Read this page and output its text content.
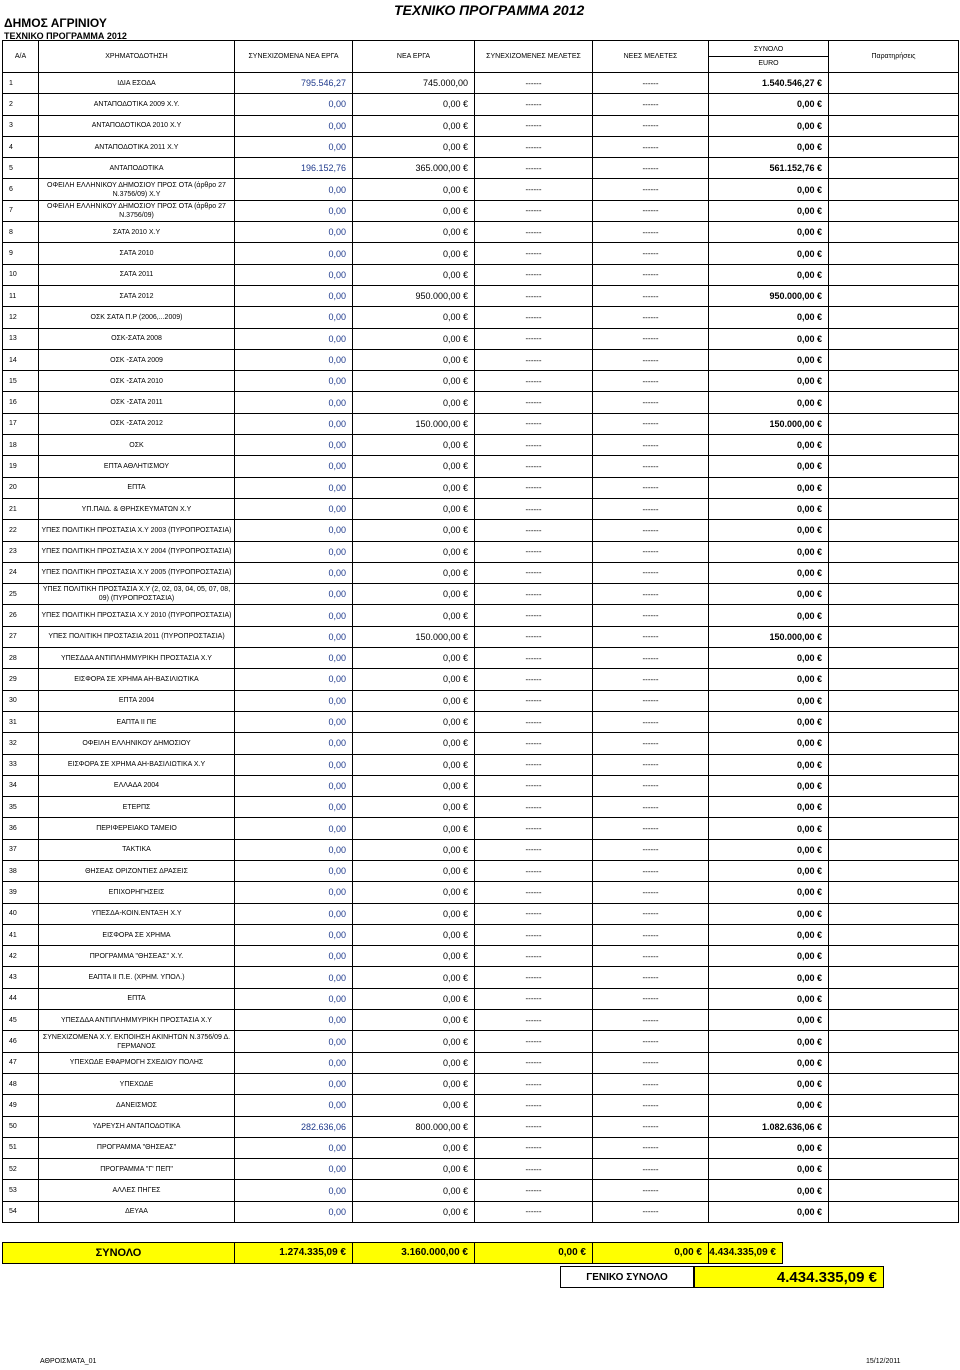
ΔΗΜΟΣ ΑΓΡΙΝΙΟΥ
ΤΕΧΝΙΚΟ ΠΡΟΓΡΑΜΜΑ 2012
ΤΕΧΝΙΚΟ ΠΡΟΓΡΑΜΜΑ 2012
Α/Α	ΧΡΗΜΑΤΟΔΟΤΗΣΗ	ΣΥΝΕΧΙΖΟΜΕΝΑ ΝΕΑ ΕΡΓΑ	ΝΕΑ ΕΡΓΑ	ΣΥΝΕΧΙΖΟΜΕΝΕΣ ΜΕΛΕΤΕΣ	ΝΕΕΣ ΜΕΛΕΤΕΣ	ΣΥΝΟΛΟ
EURO	Παρατηρήσεις
1	ΙΔΙΑ ΕΣΟΔΑ	795.546,27	745.000,00	------	------	1.540.546,27 €	
2	ΑΝΤΑΠΟΔΟΤΙΚΑ 2009 Χ.Υ.	0,00	0,00 €	------	------	0,00 €	
3	ΑΝΤΑΠΟΔΟΤΙΚΟΑ 2010 Χ.Υ	0,00	0,00 €	------	------	0,00 €	
4	ΑΝΤΑΠΟΔΟΤΙΚΑ 2011 Χ.Υ	0,00	0,00 €	------	------	0,00 €	
5	ΑΝΤΑΠΟΔΟΤΙΚΑ	196.152,76	365.000,00 €	------	------	561.152,76 €	
6	ΟΦΕΙΛΗ ΕΛΛΗΝΙΚΟΥ ΔΗΜΟΣΙΟΥ ΠΡΟΣ ΟΤΑ (άρθρο 27 Ν.3756/09) Χ.Υ	0,00	0,00 €	------	------	0,00 €	
7	ΟΦΕΙΛΗ ΕΛΛΗΝΙΚΟΥ ΔΗΜΟΣΙΟΥ ΠΡΟΣ ΟΤΑ (άρθρο 27 Ν.3756/09)	0,00	0,00 €	------	------	0,00 €	
8	ΣΑΤΑ 2010 Χ.Υ	0,00	0,00 €	------	------	0,00 €	
9	ΣΑΤΑ 2010	0,00	0,00 €	------	------	0,00 €	
10	ΣΑΤΑ 2011	0,00	0,00 €	------	------	0,00 €	
11	ΣΑΤΑ 2012	0,00	950.000,00 €	------	------	950.000,00 €	
12	ΟΣΚ ΣΑΤΑ Π.Ρ (2006,...2009)	0,00	0,00 €	------	------	0,00 €	
13	ΟΣΚ-ΣΑΤΑ 2008	0,00	0,00 €	------	------	0,00 €	
14	ΟΣΚ -ΣΑΤΑ 2009	0,00	0,00 €	------	------	0,00 €	
15	ΟΣΚ -ΣΑΤΑ 2010	0,00	0,00 €	------	------	0,00 €	
16	ΟΣΚ -ΣΑΤΑ 2011	0,00	0,00 €	------	------	0,00 €	
17	ΟΣΚ -ΣΑΤΑ 2012	0,00	150.000,00 €	------	------	150.000,00 €	
18	ΟΣΚ	0,00	0,00 €	------	------	0,00 €	
19	ΕΠΤΑ ΑΘΛΗΤΙΣΜΟΥ	0,00	0,00 €	------	------	0,00 €	
20	ΕΠΤΑ	0,00	0,00 €	------	------	0,00 €	
21	ΥΠ.ΠΑΙΔ. & ΘΡΗΣΚΕΥΜΑΤΩΝ Χ.Υ	0,00	0,00 €	------	------	0,00 €	
22	ΥΠΕΣ ΠΟΛΙΤΙΚΗ ΠΡΟΣΤΑΣΙΑ Χ.Υ 2003 (ΠΥΡΟΠΡΟΣΤΑΣΙΑ)	0,00	0,00 €	------	------	0,00 €	
23	ΥΠΕΣ ΠΟΛΙΤΙΚΗ ΠΡΟΣΤΑΣΙΑ Χ.Υ 2004 (ΠΥΡΟΠΡΟΣΤΑΣΙΑ)	0,00	0,00 €	------	------	0,00 €	
24	ΥΠΕΣ ΠΟΛΙΤΙΚΗ ΠΡΟΣΤΑΣΙΑ Χ.Υ 2005 (ΠΥΡΟΠΡΟΣΤΑΣΙΑ)	0,00	0,00 €	------	------	0,00 €	
25	ΥΠΕΣ ΠΟΛΙΤΙΚΗ ΠΡΟΣΤΑΣΙΑ Χ.Υ (2, 02, 03, 04, 05, 07, 08, 09) (ΠΥΡΟΠΡΟΣΤΑΣΙΑ)	0,00	0,00 €	------	------	0,00 €	
26	ΥΠΕΣ ΠΟΛΙΤΙΚΗ ΠΡΟΣΤΑΣΙΑ Χ.Υ 2010 (ΠΥΡΟΠΡΟΣΤΑΣΙΑ)	0,00	0,00 €	------	------	0,00 €	
27	ΥΠΕΣ ΠΟΛΙΤΙΚΗ ΠΡΟΣΤΑΣΙΑ 2011 (ΠΥΡΟΠΡΟΣΤΑΣΙΑ)	0,00	150.000,00 €	------	------	150.000,00 €	
28	ΥΠΕΣΔΔΑ ΑΝΤΙΠΛΗΜΜΥΡΙΚΗ ΠΡΟΣΤΑΣΙΑ Χ.Υ	0,00	0,00 €	------	------	0,00 €	
29	ΕΙΣΦΟΡΑ ΣΕ ΧΡΗΜΑ ΑΗ-ΒΑΣΙΛΙΩΤΙΚΑ	0,00	0,00 €	------	------	0,00 €	
30	ΕΠΤΑ 2004	0,00	0,00 €	------	------	0,00 €	
31	ΕΑΠΤΑ ΙΙ ΠΕ	0,00	0,00 €	------	------	0,00 €	
32	ΟΦΕΙΛΗ ΕΛΛΗΝΙΚΟΥ ΔΗΜΟΣΙΟΥ	0,00	0,00 €	------	------	0,00 €	
33	ΕΙΣΦΟΡΑ ΣΕ ΧΡΗΜΑ ΑΗ-ΒΑΣΙΛΙΩΤΙΚΑ Χ.Υ	0,00	0,00 €	------	------	0,00 €	
34	ΕΛΛΑΔΑ 2004	0,00	0,00 €	------	------	0,00 €	
35	ΕΤΕΡΠΣ	0,00	0,00 €	------	------	0,00 €	
36	ΠΕΡΙΦΕΡΕΙΑΚΟ ΤΑΜΕΙΟ	0,00	0,00 €	------	------	0,00 €	
37	ΤΑΚΤΙΚΑ	0,00	0,00 €	------	------	0,00 €	
38	ΘΗΣΕΑΣ ΟΡΙΖΟΝΤΙΕΣ ΔΡΑΣΕΙΣ	0,00	0,00 €	------	------	0,00 €	
39	ΕΠΙΧΟΡΗΓΗΣΕΙΣ	0,00	0,00 €	------	------	0,00 €	
40	ΥΠΕΣΔΑ-ΚΟΙΝ.ΕΝΤΑΞΗ Χ.Υ	0,00	0,00 €	------	------	0,00 €	
41	ΕΙΣΦΟΡΑ ΣΕ ΧΡΗΜΑ	0,00	0,00 €	------	------	0,00 €	
42	ΠΡΟΓΡΑΜΜΑ "ΘΗΣΕΑΣ" Χ.Υ.	0,00	0,00 €	------	------	0,00 €	
43	ΕΑΠΤΑ ΙΙ Π.Ε. (ΧΡΗΜ. ΥΠΟΛ.)	0,00	0,00 €	------	------	0,00 €	
44	ΕΠΤΑ	0,00	0,00 €	------	------	0,00 €	
45	ΥΠΕΣΔΔΑ ΑΝΤΙΠΛΗΜΜΥΡΙΚΗ ΠΡΟΣΤΑΣΙΑ Χ.Υ	0,00	0,00 €	------	------	0,00 €	
46	ΣΥΝΕΧΙΖΟΜΕΝΑ Χ.Υ. ΕΚΠΟΙΗΣΗ ΑΚΙΝΗΤΩΝ Ν.3756/09 Δ. ΓΕΡΜΑΝΟΣ	0,00	0,00 €	------	------	0,00 €	
47	ΥΠΕΧΩΔΕ ΕΦΑΡΜΟΓΗ ΣΧΕΔΙΟΥ ΠΟΛΗΣ	0,00	0,00 €	------	------	0,00 €	
48	ΥΠΕΧΩΔΕ	0,00	0,00 €	------	------	0,00 €	
49	ΔΑΝΕΙΣΜΟΣ	0,00	0,00 €	------	------	0,00 €	
50	ΥΔΡΕΥΣΗ ΑΝΤΑΠΟΔΟΤΙΚΑ	282.636,06	800.000,00 €	------	------	1.082.636,06 €	
51	ΠΡΟΓΡΑΜΜΑ "ΘΗΣΕΑΣ"	0,00	0,00 €	------	------	0,00 €	
52	ΠΡΟΓΡΑΜΜΑ "Γ' ΠΕΠ"	0,00	0,00 €	------	------	0,00 €	
53	ΑΛΛΕΣ ΠΗΓΕΣ	0,00	0,00 €	------	------	0,00 €	
54	ΔΕΥΑΑ	0,00	0,00 €	------	------	0,00 €	
ΣΥΝΟΛΟ	1.274.335,09 €	3.160.000,00 €	0,00 €	0,00 € 4.434.335,09 €
ΓΕΝΙΚΟ ΣΥΝΟΛΟ	4.434.335,09 €
ΑΘΡΟΙΣΜΑΤΑ_01	15/12/2011
